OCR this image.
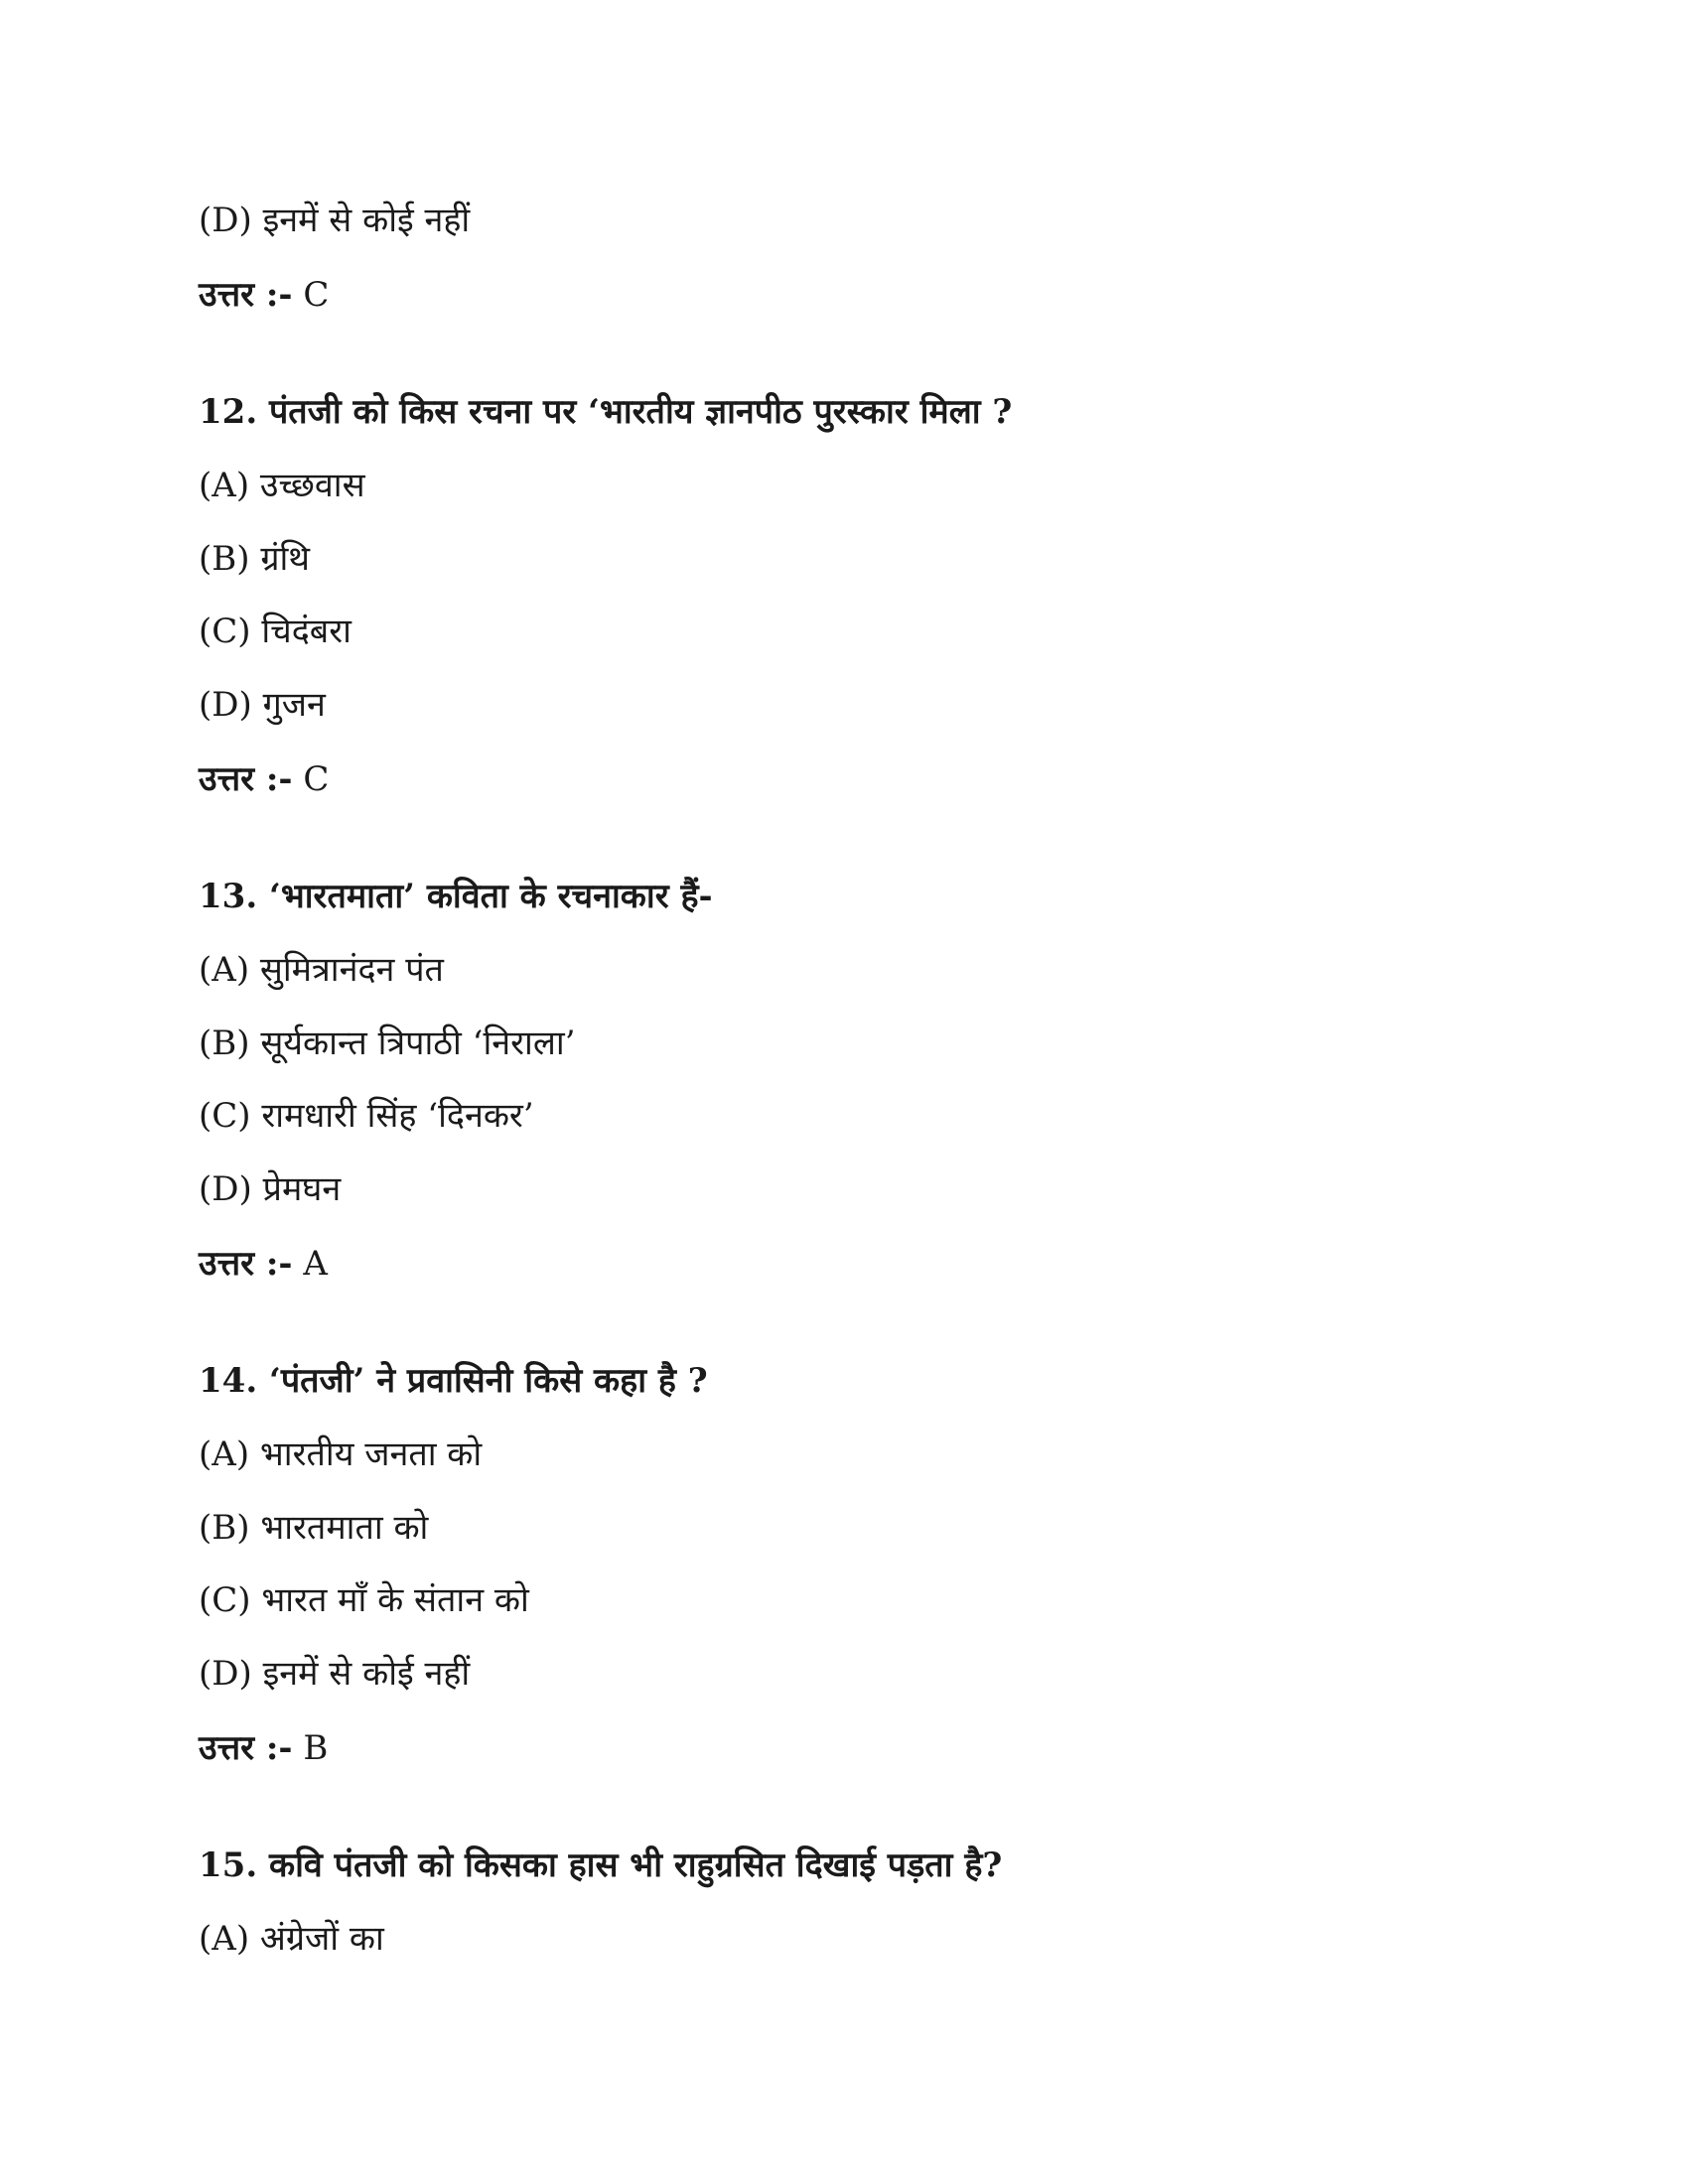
(D) इनमें से कोई नहीं
उत्तर :- C
12. पंतजी को किस रचना पर ‘भारतीय ज्ञानपीठ पुरस्कार मिला ?
(A) उच्छवास
(B) ग्रंथि
(C) चिदंबरा
(D) गुजन
उत्तर :- C
13. ‘भारतमाता’ कविता के रचनाकार हैं-
(A) सुमित्रानंदन पंत
(B) सूर्यकान्त त्रिपाठी ‘निराला’
(C) रामधारी सिंह ‘दिनकर’
(D) प्रेमघन
उत्तर :- A
14. ‘पंतजी’ ने प्रवासिनी किसे कहा है ?
(A) भारतीय जनता को
(B) भारतमाता को
(C) भारत माँ के संतान को
(D) इनमें से कोई नहीं
उत्तर :- B
15. कवि पंतजी को किसका हास भी राहुग्रसित दिखाई पड़ता है?
(A) अंग्रेजों का
